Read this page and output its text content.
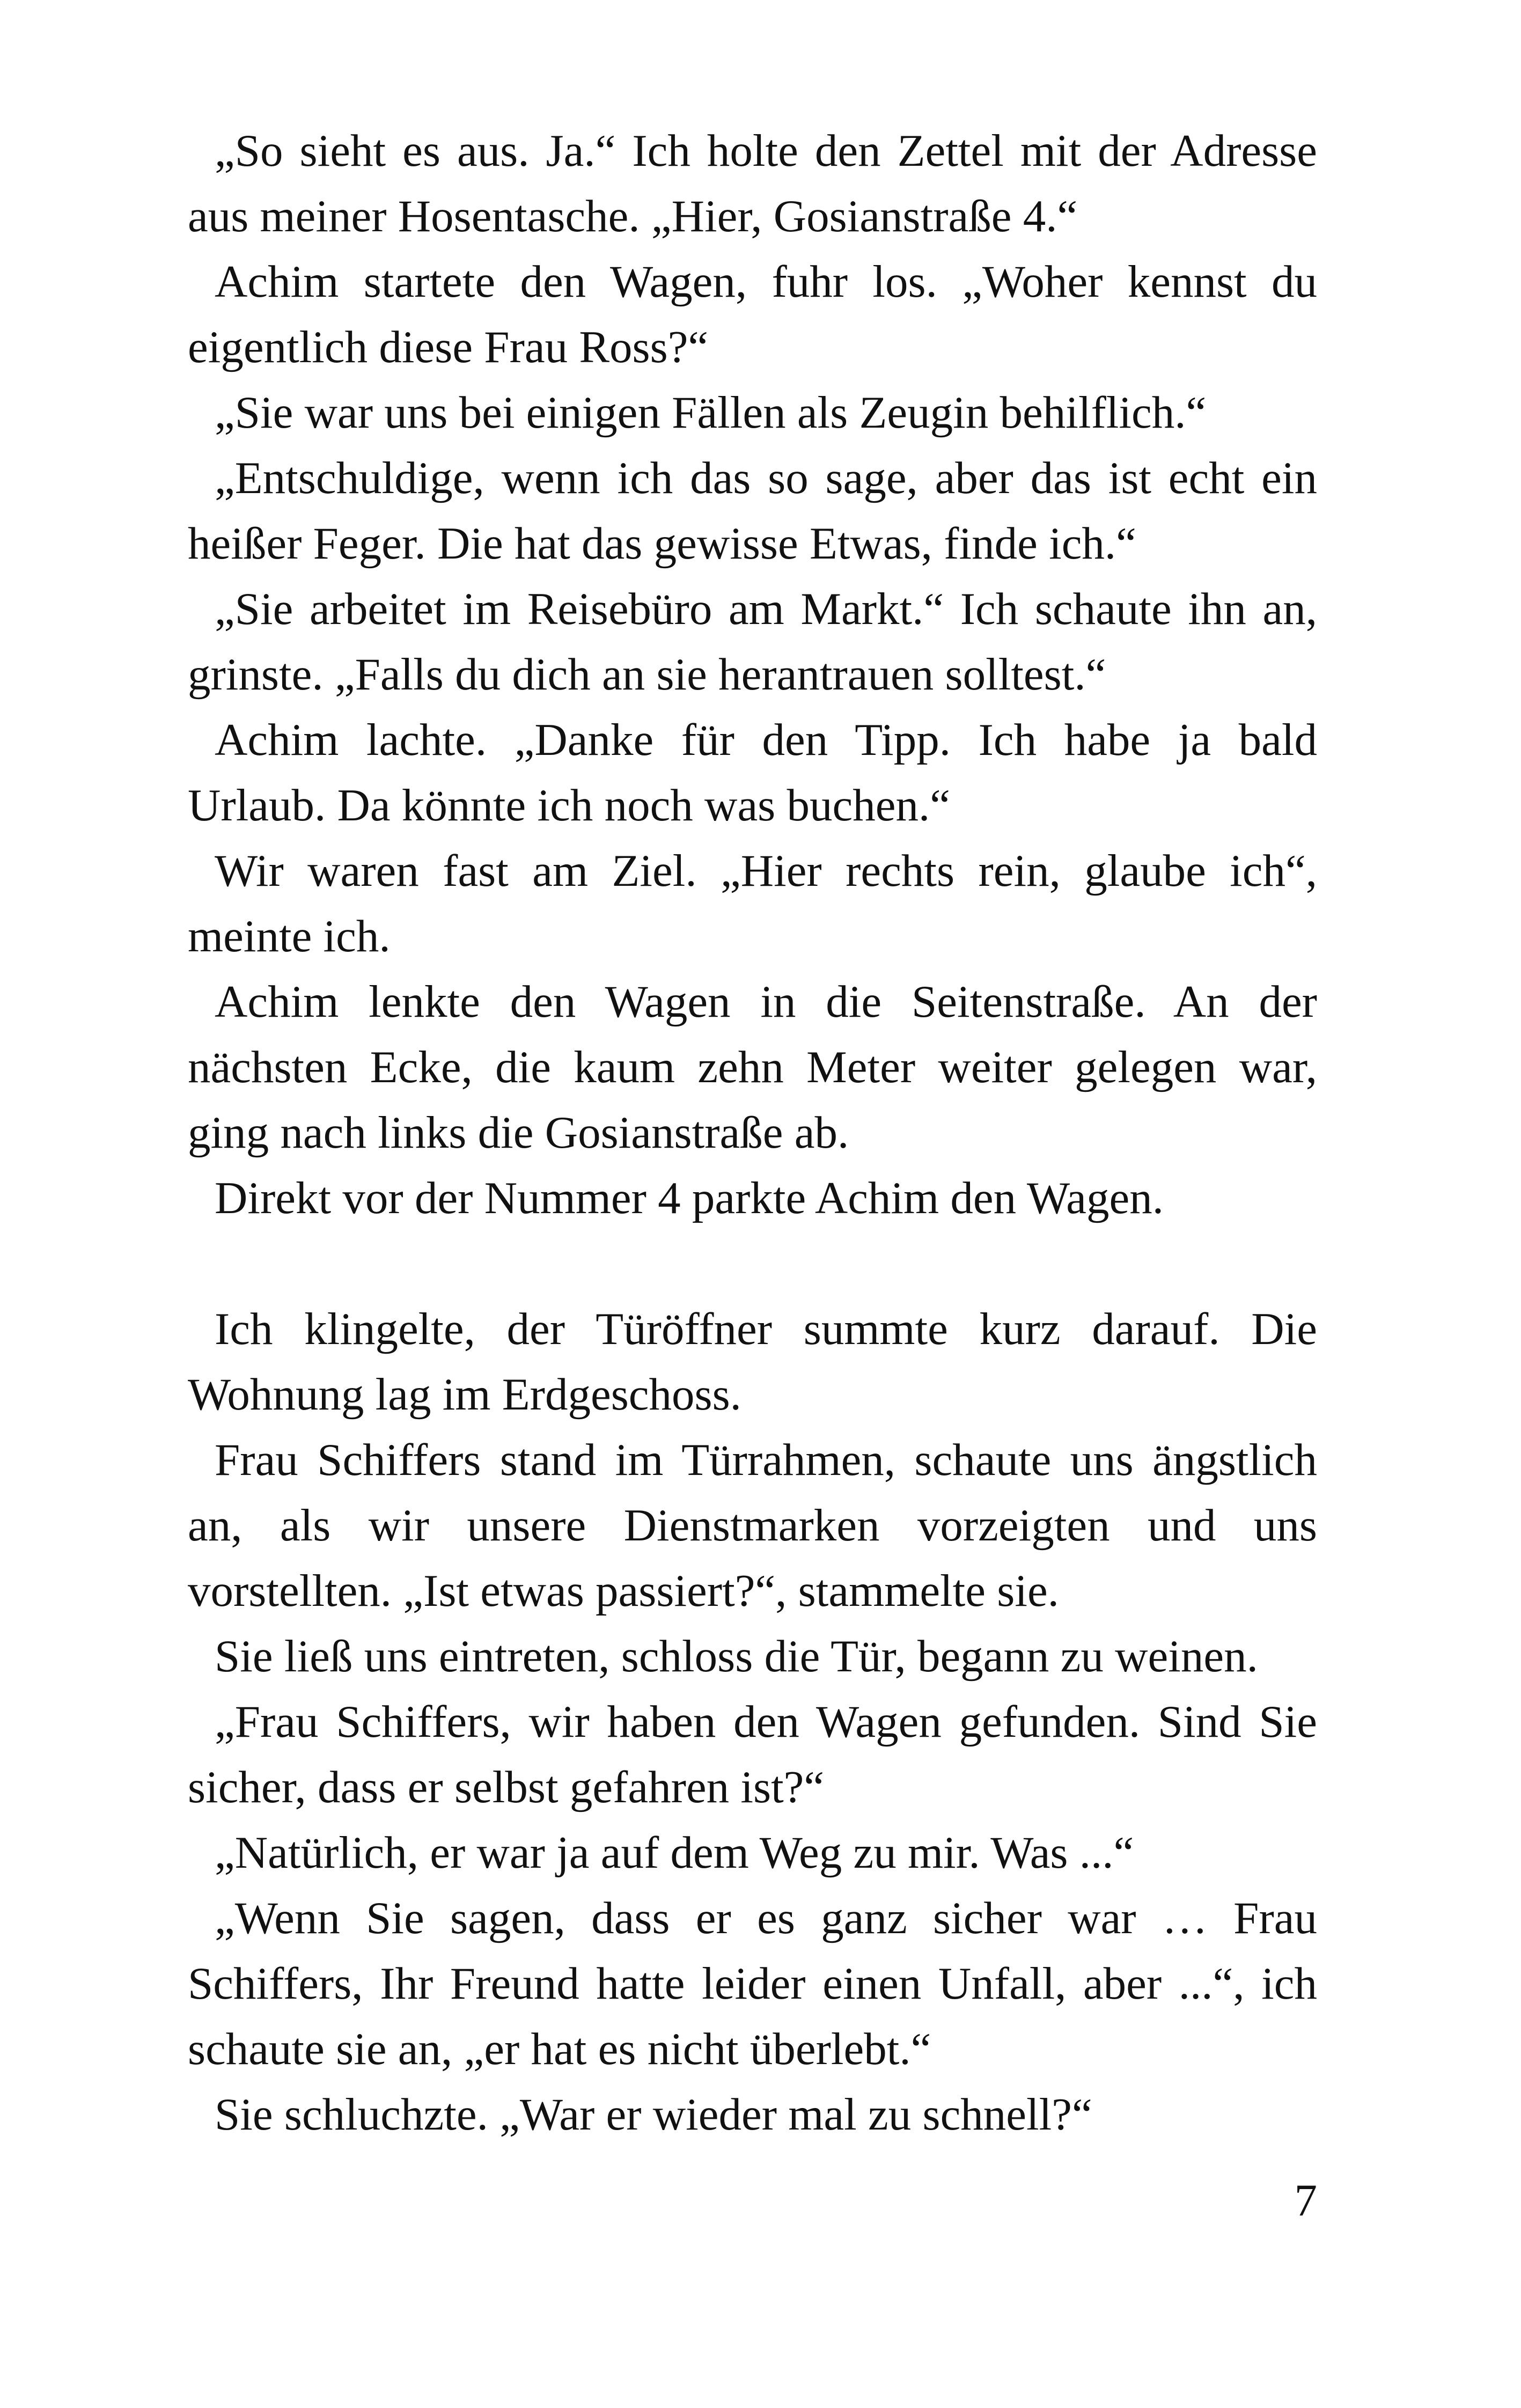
„So sieht es aus. Ja.“ Ich holte den Zettel mit der Adresse aus meiner Hosentasche. „Hier, Gosianstraße 4.“

Achim startete den Wagen, fuhr los. „Woher kennst du eigentlich diese Frau Ross?“

„Sie war uns bei einigen Fällen als Zeugin behilflich.“

„Entschuldige, wenn ich das so sage, aber das ist echt ein heißer Feger. Die hat das gewisse Etwas, finde ich.“

„Sie arbeitet im Reisebüro am Markt.“ Ich schaute ihn an, grinste. „Falls du dich an sie herantrauen solltest.“

Achim lachte. „Danke für den Tipp. Ich habe ja bald Urlaub. Da könnte ich noch was buchen.“

Wir waren fast am Ziel. „Hier rechts rein, glaube ich“, meinte ich.

Achim lenkte den Wagen in die Seitenstraße. An der nächsten Ecke, die kaum zehn Meter weiter gelegen war, ging nach links die Gosianstraße ab.

Direkt vor der Nummer 4 parkte Achim den Wagen.

Ich klingelte, der Türöffner summte kurz darauf. Die Wohnung lag im Erdgeschoss.

Frau Schiffers stand im Türrahmen, schaute uns ängstlich an, als wir unsere Dienstmarken vorzeigten und uns vorstellten. „Ist etwas passiert?“, stammelte sie.

Sie ließ uns eintreten, schloss die Tür, begann zu weinen.

„Frau Schiffers, wir haben den Wagen gefunden. Sind Sie sicher, dass er selbst gefahren ist?“

„Natürlich, er war ja auf dem Weg zu mir. Was ...“

„Wenn Sie sagen, dass er es ganz sicher war … Frau Schiffers, Ihr Freund hatte leider einen Unfall, aber ...“, ich schaute sie an, „er hat es nicht überlebt.“

Sie schluchzte. „War er wieder mal zu schnell?“

7
